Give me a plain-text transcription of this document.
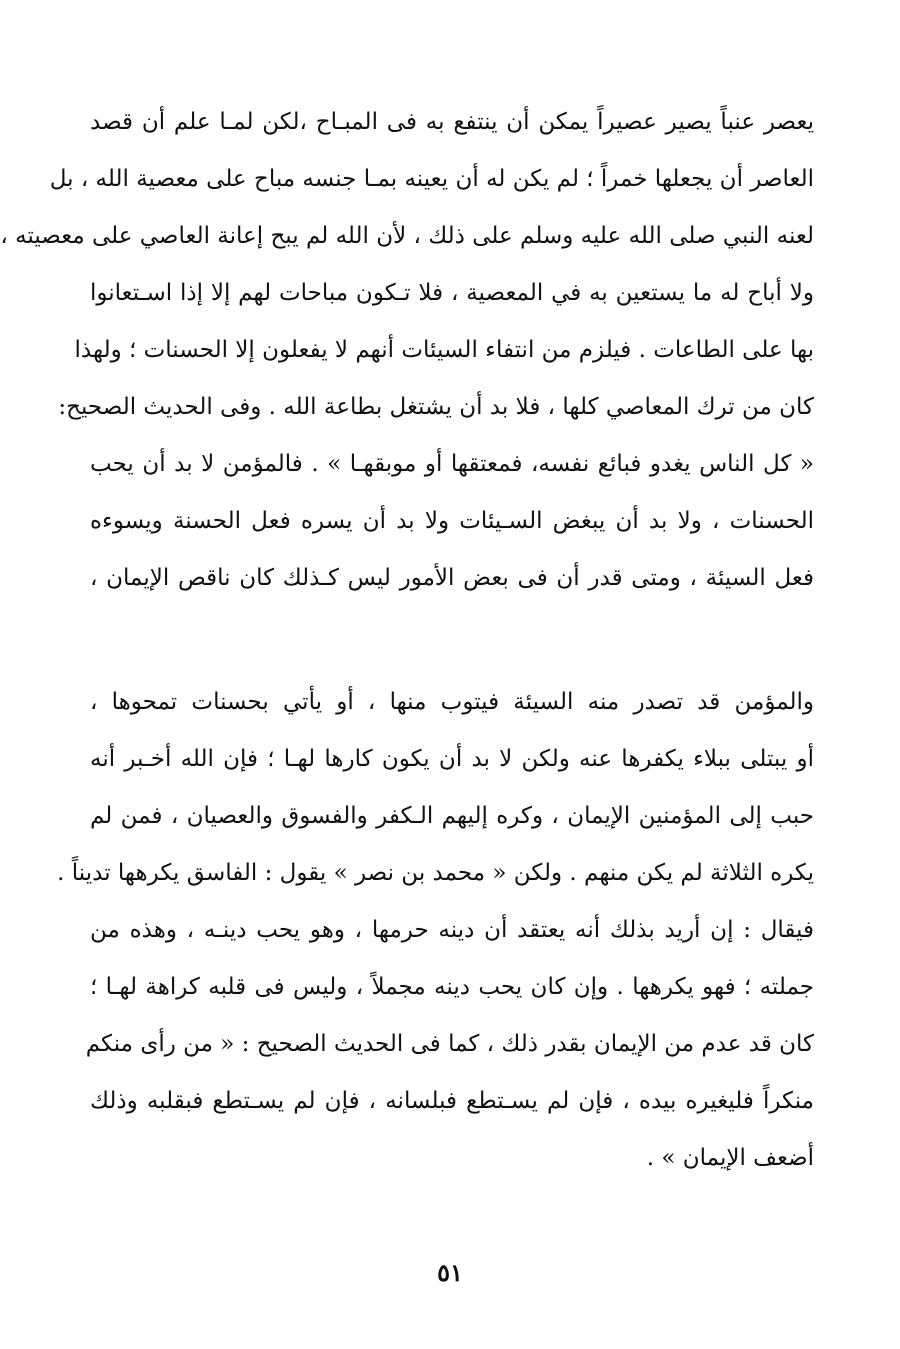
يعصر عنباً يصير عصيراً يمكن أن ينتفع به فى المبـاح ،لكن لمـا علم أن قصد
العاصر أن يجعلها خمراً ؛ لم يكن له أن يعينه بمـا جنسه مباح على معصية الله ، بل
لعنه النبي صلى الله عليه وسلم على ذلك ، لأن الله لم يبح إعانة العاصي على معصيته ،
ولا أباح له ما يستعين به في المعصية ، فلا تـكون مباحات لهم إلا إذا اسـتعانوا
بها على الطاعات . فيلزم من انتفاء السيئات أنهم لا يفعلون إلا الحسنات ؛ ولهذا
كان من ترك المعاصي كلها ، فلا بد أن يشتغل بطاعة الله . وفى الحديث الصحيح:
« كل الناس يغدو فبائع نفسه، فمعتقها أو موبقهـا » . فالمؤمن لا بد أن يحب
الحسنات ، ولا بد أن يبغض السـيئات ولا بد أن يسره فعل الحسنة ويسوءه
فعل السيئة ، ومتى قدر أن فى بعض الأمور ليس كـذلك كان ناقص الإيمان ،
والمؤمن قد تصدر منه السيئة فيتوب منها ، أو يأتي بحسنات تمحوها ،
أو يبتلى ببلاء يكفرها عنه ولكن لا بد أن يكون كارها لهـا ؛ فإن الله أخـبر أنه
حبب إلى المؤمنين الإيمان ، وكره إليهم الـكفر والفسوق والعصيان ، فمن لم
يكره الثلاثة لم يكن منهم . ولكن « محمد بن نصر » يقول : الفاسق يكرهها تديناً .
فيقال : إن أريد بذلك أنه يعتقد أن دينه حرمها ، وهو يحب دينـه ، وهذه من
جملته ؛ فهو يكرهها . وإن كان يحب دينه مجملاً ، وليس فى قلبه كراهة لهـا ؛
كان قد عدم من الإيمان بقدر ذلك ، كما فى الحديث الصحيح : « من رأى منكم
منكراً فليغيره بيده ، فإن لم يسـتطع فبلسانه ، فإن لم يسـتطع فبقلبه وذلك
أضعف الإيمان » .
٥١
